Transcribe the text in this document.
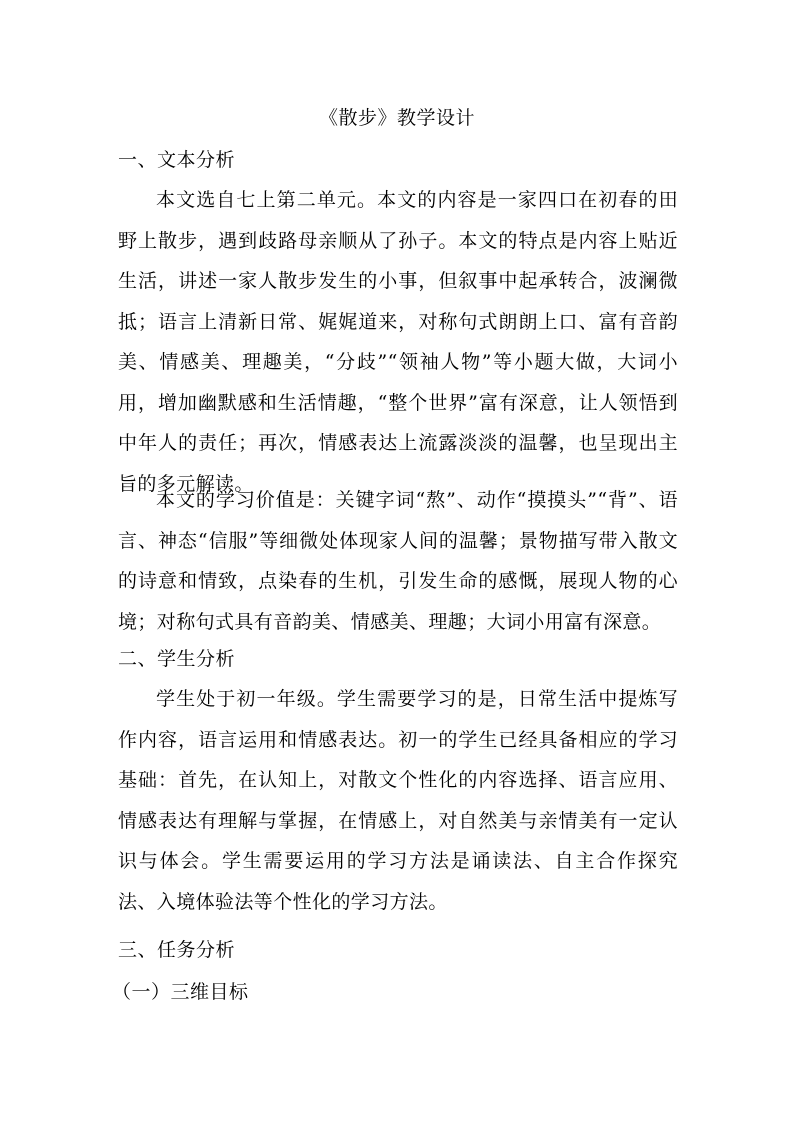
《散步》教学设计
一、文本分析
本文选自七上第二单元。本文的内容是一家四口在初春的田野上散步，遇到歧路母亲顺从了孙子。本文的特点是内容上贴近生活，讲述一家人散步发生的小事，但叙事中起承转合，波澜微抵；语言上清新日常、娓娓道来，对称句式朗朗上口、富有音韵美、情感美、理趣美，“分歧”“领袖人物”等小题大做，大词小用，增加幽默感和生活情趣，“整个世界”富有深意，让人领悟到中年人的责任；再次，情感表达上流露淡淡的温馨，也呈现出主旨的多元解读。
本文的学习价值是：关键字词“熬”、动作“摸摸头”“背”、语言、神态“信服”等细微处体现家人间的温馨；景物描写带入散文的诗意和情致，点染春的生机，引发生命的感慨，展现人物的心境；对称句式具有音韵美、情感美、理趣；大词小用富有深意。
二、学生分析
学生处于初一年级。学生需要学习的是，日常生活中提炼写作内容，语言运用和情感表达。初一的学生已经具备相应的学习基础：首先，在认知上，对散文个性化的内容选择、语言应用、情感表达有理解与掌握，在情感上，对自然美与亲情美有一定认识与体会。学生需要运用的学习方法是诵读法、自主合作探究法、入境体验法等个性化的学习方法。
三、任务分析
（一）三维目标
